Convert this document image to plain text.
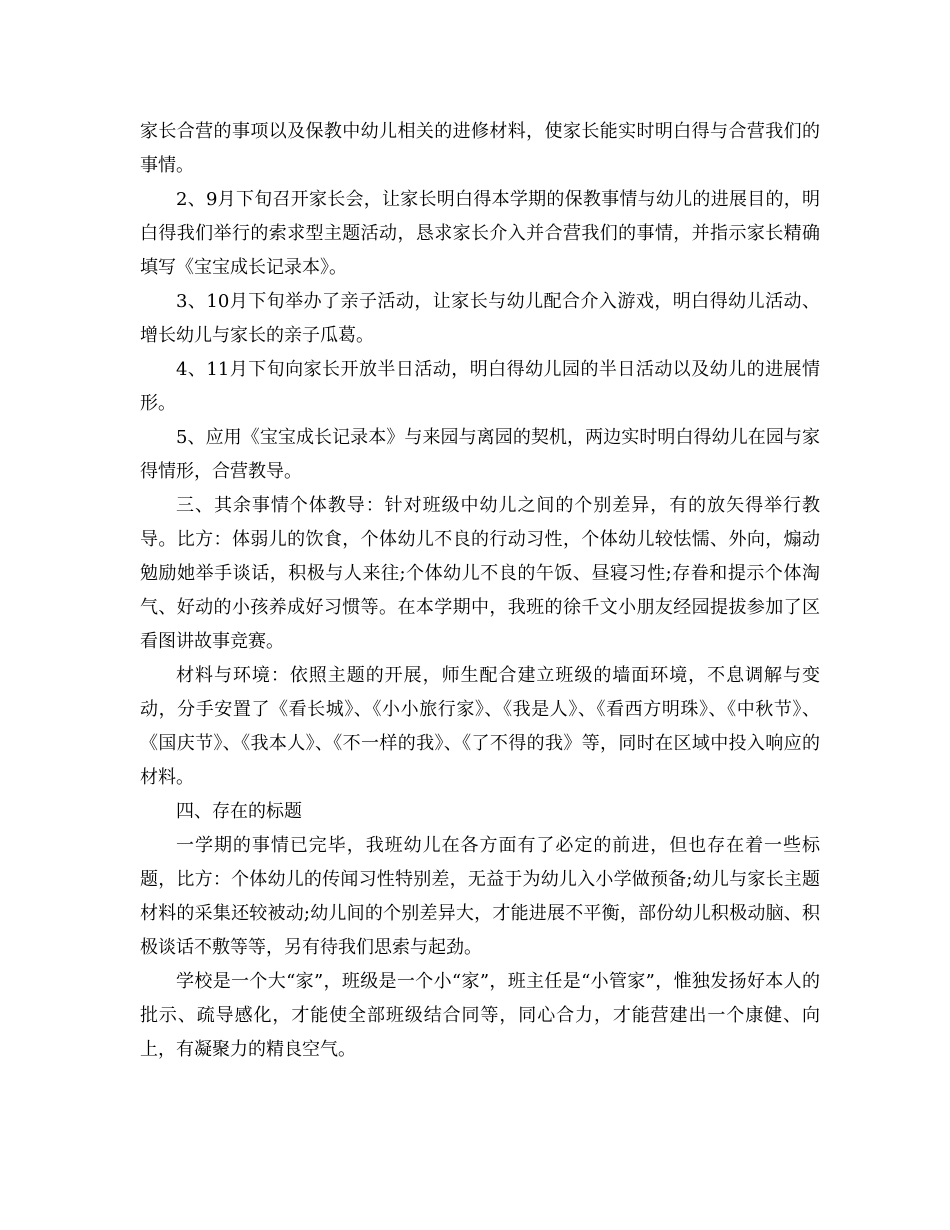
家长合营的事项以及保教中幼儿相关的进修材料，使家长能实时明白得与合营我们的事情。

2、9月下旬召开家长会，让家长明白得本学期的保教事情与幼儿的进展目的，明白得我们举行的索求型主题活动，恳求家长介入并合营我们的事情，并指示家长精确填写《宝宝成长记录本》。

3、10月下旬举办了亲子活动，让家长与幼儿配合介入游戏，明白得幼儿活动、增长幼儿与家长的亲子瓜葛。

4、11月下旬向家长开放半日活动，明白得幼儿园的半日活动以及幼儿的进展情形。

5、应用《宝宝成长记录本》与来园与离园的契机，两边实时明白得幼儿在园与家得情形，合营教导。

三、其余事情个体教导：针对班级中幼儿之间的个别差异，有的放矢得举行教导。比方：体弱儿的饮食，个体幼儿不良的行动习性，个体幼儿较怯懦、外向，煽动勉励她举手谈话，积极与人来往;个体幼儿不良的午饭、昼寝习性;存眷和提示个体淘气、好动的小孩养成好习惯等。在本学期中，我班的徐千文小朋友经园提拔参加了区看图讲故事竞赛。

材料与环境：依照主题的开展，师生配合建立班级的墙面环境，不息调解与变动，分手安置了《看长城》、《小小旅行家》、《我是人》、《看西方明珠》、《中秋节》、《国庆节》、《我本人》、《不一样的我》、《了不得的我》等，同时在区域中投入响应的材料。

四、存在的标题

一学期的事情已完毕，我班幼儿在各方面有了必定的前进，但也存在着一些标题，比方：个体幼儿的传闻习性特别差，无益于为幼儿入小学做预备;幼儿与家长主题材料的采集还较被动;幼儿间的个别差异大，才能进展不平衡，部份幼儿积极动脑、积极谈话不敷等等，另有待我们思索与起劲。

学校是一个大“家”，班级是一个小“家”，班主任是“小管家”，惟独发扬好本人的批示、疏导感化，才能使全部班级结合同等，同心合力，才能营建出一个康健、向上，有凝聚力的精良空气。
